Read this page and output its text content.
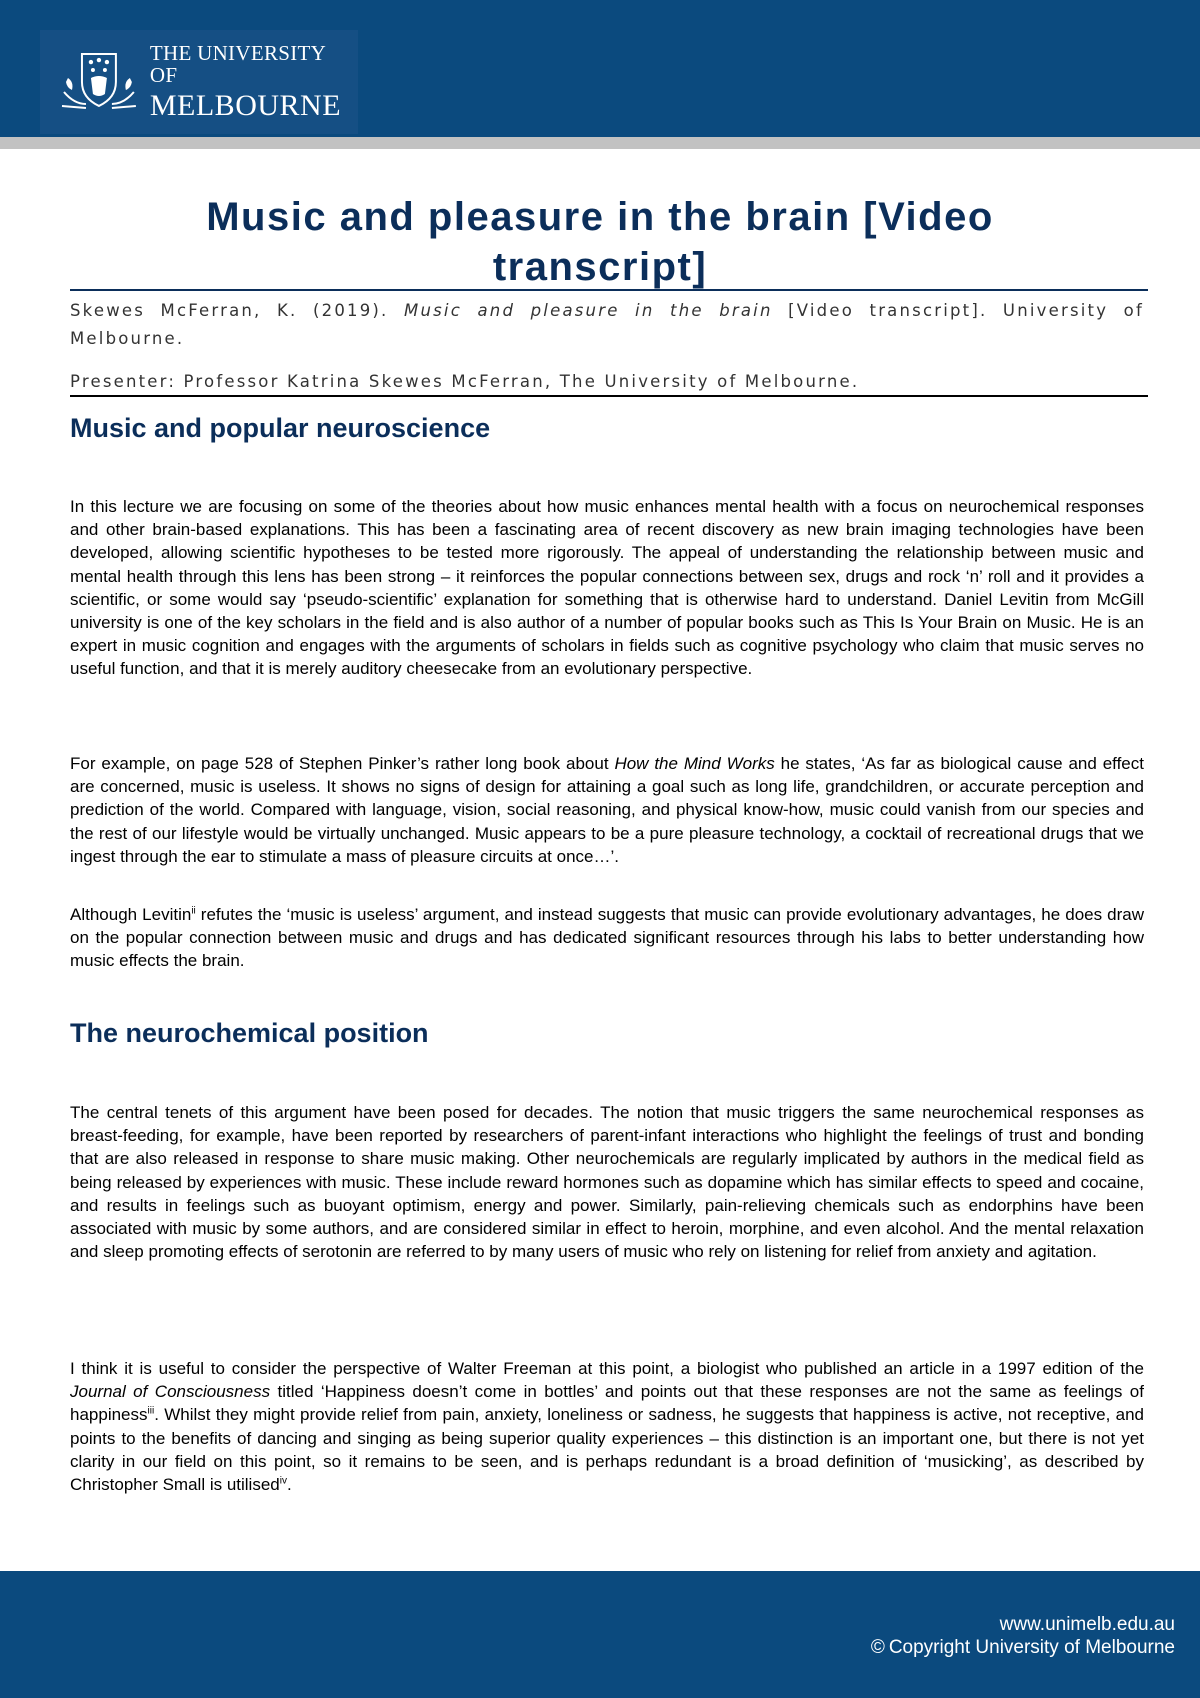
THE UNIVERSITY OF
MELBOURNE
Music and pleasure in the brain [Video transcript]

Skewes McFerran, K. (2019). Music and pleasure in the brain [Video transcript]. University of Melbourne.

Presenter: Professor Katrina Skewes McFerran, The University of Melbourne.

Music and popular neuroscience

In this lecture we are focusing on some of the theories about how music enhances mental health with a focus on neurochemical responses and other brain-based explanations. This has been a fascinating area of recent discovery as new brain imaging technologies have been developed, allowing scientific hypotheses to be tested more rigorously. The appeal of understanding the relationship between music and mental health through this lens has been strong – it reinforces the popular connections between sex, drugs and rock ‘n’ roll and it provides a scientific, or some would say ‘pseudo-scientific’ explanation for something that is otherwise hard to understand. Daniel Levitin from McGill university is one of the key scholars in the field and is also author of a number of popular books such as This Is Your Brain on Music. He is an expert in music cognition and engages with the arguments of scholars in fields such as cognitive psychology who claim that music serves no useful function, and that it is merely auditory cheesecake from an evolutionary perspective.

For example, on page 528 of Stephen Pinker’s rather long book about How the Mind Works he states, ‘As far as biological cause and effect are concerned, music is useless. It shows no signs of design for attaining a goal such as long life, grandchildren, or accurate perception and prediction of the world. Compared with language, vision, social reasoning, and physical know-how, music could vanish from our species and the rest of our lifestyle would be virtually unchanged. Music appears to be a pure pleasure technology, a cocktail of recreational drugs that we ingest through the ear to stimulate a mass of pleasure circuits at once…’.

Although Levitin$^{ii}$ refutes the ‘music is useless’ argument, and instead suggests that music can provide evolutionary advantages, he does draw on the popular connection between music and drugs and has dedicated significant resources through his labs to better understanding how music effects the brain.

The neurochemical position

The central tenets of this argument have been posed for decades. The notion that music triggers the same neurochemical responses as breast-feeding, for example, have been reported by researchers of parent-infant interactions who highlight the feelings of trust and bonding that are also released in response to share music making. Other neurochemicals are regularly implicated by authors in the medical field as being released by experiences with music. These include reward hormones such as dopamine which has similar effects to speed and cocaine, and results in feelings such as buoyant optimism, energy and power. Similarly, pain-relieving chemicals such as endorphins have been associated with music by some authors, and are considered similar in effect to heroin, morphine, and even alcohol. And the mental relaxation and sleep promoting effects of serotonin are referred to by many users of music who rely on listening for relief from anxiety and agitation.

I think it is useful to consider the perspective of Walter Freeman at this point, a biologist who published an article in a 1997 edition of the Journal of Consciousness titled ‘Happiness doesn’t come in bottles’ and points out that these responses are not the same as feelings of happiness$^{iii}$. Whilst they might provide relief from pain, anxiety, loneliness or sadness, he suggests that happiness is active, not receptive, and points to the benefits of dancing and singing as being superior quality experiences – this distinction is an important one, but there is not yet clarity in our field on this point, so it remains to be seen, and is perhaps redundant is a broad definition of ‘musicking’, as described by Christopher Small is utilised$^{iv}$.

www.unimelb.edu.au
© Copyright University of Melbourne
